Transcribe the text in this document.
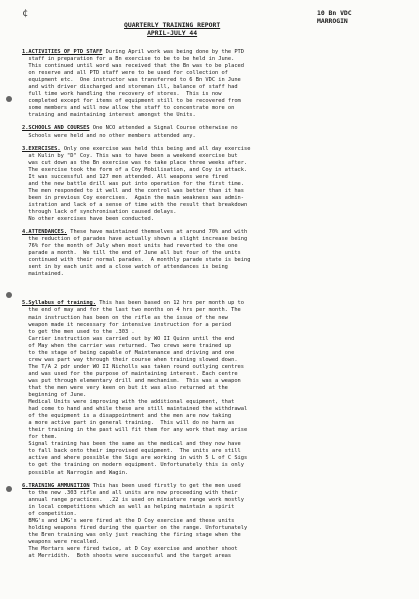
¢	10 Bn VDC
MARROGIN
QUARTERLY TRAINING REPORT
APRIL-JULY 44
1.ACTIVITIES OF PTD STAFF During April work was being done by the PTD
staff in preparation for a Bn exercise to be to be held in June.
This continued until word was received that the Bn was to be placed
on reserve and all PTD staff were to be used for collection of
equipment etc.  One instructor was transferred to 6 Bn VDC in June
and with driver discharged and storeman ill, balance of staff had
full time work handling the recovery of stores.  This is now
completed except for items of equipment still to be recovered from
some members and will now allow the staff to concentrate more on
training and maintaining interest amongst the Units.
2.SCHOOLS AND COURSES One NCO attended a Signal Course otherwise no
Schools were held and no other members attended any.
3.EXERCISES. Only one exercise was held this being and all day exercise
at Kulin by "D" Coy. This was to have been a weekend exercise but
was cut down as the Bn exercise was to take place three weeks after.
The exercise took the form of a Coy Mobilisation, and Coy in attack.
It was successful and 127 men attended. All weapons were fired
and the new battle drill was put into operation for the first time.
The men responded to it well and the control was better than it has
been in previous Coy exercises.  Again the main weakness was admin-
istration and lack of a sense of time with the result that breakdown
through lack of synchronisation caused delays.
No other exercises have been conducted.
4.ATTENDANCES. These have maintained themselves at around 70% and with
the reduction of parades have actually shown a slight increase being
76% for the month of July when most units had reverted to the one
parade a month.  We till the end of June all but four of the units
continued with their normal parades.  A monthly parade state is being
sent in by each unit and a close watch of attendances is being
maintained.
5.Syllabus of training. This has been based on 12 hrs per month up to
the end of may and for the last two months on 4 hrs per month. The
main instruction has been on the rifle as the issue of the new
weapon made it necessary for intensive instruction for a period
to get the men used to the .303 .
Carrier instruction was carried out by WO II Quinn until the end
of May when the carrier was returned. Two crews were trained up
to the stage of being capable of Maintenance and driving and one
crew was part way through their course when training slowed down.
The T/A 2 pdr under WO II Nicholls was taken round outlying centres
and was used for the purpose of maintaining interest. Each centre
was put through elementary drill and mechanism.  This was a weapon
that the men were very keen on but it was also returned at the
beginning of June.
Medical Units were improving with the additional equipment, that
had come to hand and while these are still maintained the withdrawal
of the equipment is a disappointment and the men are now taking
a more active part in general training.  This will do no harm as
their training in the past will fit them for any work that may arise
for them.
Signal training has been the same as the medical and they now have
to fall back onto their improvised equipment.  The units are still
active and where possible the Sigs are working in with 5 L of C Sigs
to get the training on modern equipment. Unfortunately this is only
possible at Narrogin and Wagin.
6.TRAINING AMMUNITION This has been used firstly to get the men used
to the new .303 rifle and all units are now proceeding with their
annual range practices.  .22 is used on miniature range work mostly
in local competitions which as well as helping maintain a spirit
of competition.
BMG's and LMG's were fired at the D Coy exercise and these units
holding weapons fired during the quarter on the range. Unfortunately
the Bren training was only just reaching the firing stage when the
weapons were recalled.
The Mortars were fired twice, at D Coy exercise and another shoot
at Merridith.  Both shoots were successful and the target areas
